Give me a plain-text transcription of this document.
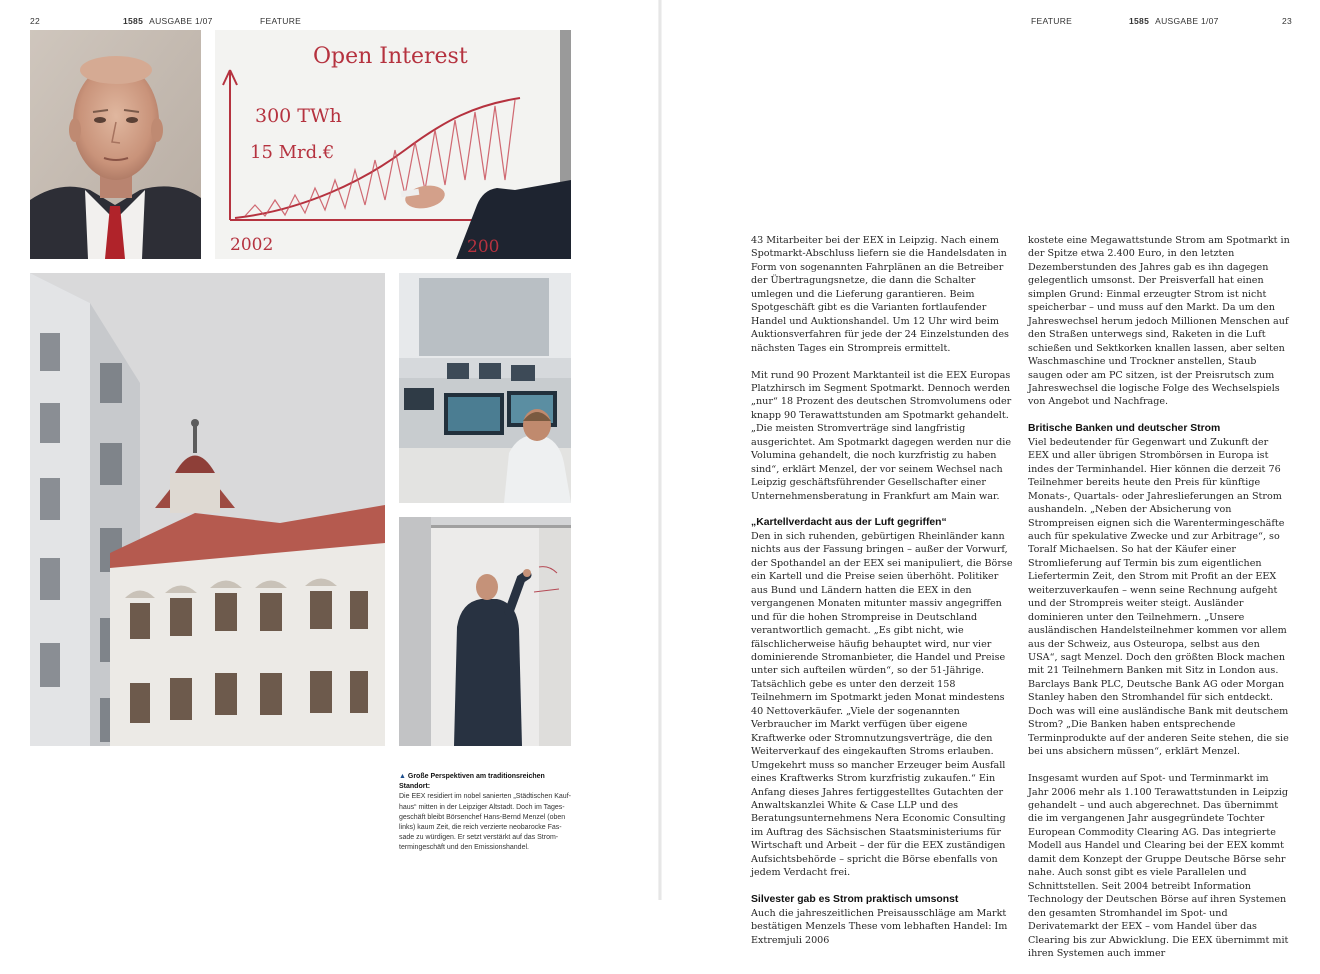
22	1585 AUSGABE 1/07	FEATURE	FEATURE	1585 AUSGABE 1/07	23
Open Interest
300 TWh
15 Mrd.€
2002	200
▲ Große Perspektiven am traditionsreichen Standort:
Die EEX residiert im nobel sanierten „Städtischen Kauf-
haus“ mitten in der Leipziger Altstadt. Doch im Tages-
geschäft bleibt Börsenchef Hans-Bernd Menzel (oben
links) kaum Zeit, die reich verzierte neobarocke Fas-
sade zu würdigen. Er setzt verstärkt auf das Strom-
termingeschäft und den Emissionshandel.

43 Mitarbeiter bei der EEX in Leipzig. Nach einem Spotmarkt-Abschluss liefern sie die Handelsdaten in Form von sogenannten Fahrplänen an die Betreiber der Übertragungsnetze, die dann die Schalter umlegen und die Lieferung garantieren. Beim Spotgeschäft gibt es die Varianten fortlaufender Handel und Auktionshandel. Um 12 Uhr wird beim Auktionsverfahren für jede der 24 Einzelstunden des nächsten Tages ein Strompreis ermittelt.

Mit rund 90 Prozent Marktanteil ist die EEX Europas Platzhirsch im Segment Spotmarkt. Dennoch werden „nur“ 18 Prozent des deutschen Stromvolumens oder knapp 90 Terawattstunden am Spotmarkt gehandelt. „Die meisten Stromverträge sind langfristig ausgerichtet. Am Spotmarkt dagegen werden nur die Volumina gehandelt, die noch kurzfristig zu haben sind“, erklärt Menzel, der vor seinem Wechsel nach Leipzig geschäftsführender Gesellschafter einer Unternehmensberatung in Frankfurt am Main war.

„Kartellverdacht aus der Luft gegriffen“

Den in sich ruhenden, gebürtigen Rheinländer kann nichts aus der Fassung bringen – außer der Vorwurf, der Spothandel an der EEX sei manipuliert, die Börse ein Kartell und die Preise seien überhöht. Politiker aus Bund und Ländern hatten die EEX in den vergangenen Monaten mitunter massiv angegriffen und für die hohen Strompreise in Deutschland verantwortlich gemacht. „Es gibt nicht, wie fälschlicherweise häufig behauptet wird, nur vier dominierende Stromanbieter, die Handel und Preise unter sich aufteilen würden“, so der 51-Jährige. Tatsächlich gebe es unter den derzeit 158 Teilnehmern im Spotmarkt jeden Monat mindestens 40 Nettoverkäufer. „Viele der sogenannten Verbraucher im Markt verfügen über eigene Kraftwerke oder Stromnutzungsverträge, die den Weiterverkauf des eingekauften Stroms erlauben. Umgekehrt muss so mancher Erzeuger beim Ausfall eines Kraftwerks Strom kurzfristig zukaufen.“ Ein Anfang dieses Jahres fertiggestelltes Gutachten der Anwaltskanzlei White & Case LLP und des Beratungsunternehmens Nera Economic Consulting im Auftrag des Sächsischen Staatsministeriums für Wirtschaft und Arbeit – der für die EEX zuständigen Aufsichtsbehörde – spricht die Börse ebenfalls von jedem Verdacht frei.

Silvester gab es Strom praktisch umsonst

Auch die jahreszeitlichen Preisausschläge am Markt bestätigen Menzels These vom lebhaften Handel: Im Extremjuli 2006

kostete eine Megawattstunde Strom am Spotmarkt in der Spitze etwa 2.400 Euro, in den letzten Dezemberstunden des Jahres gab es ihn dagegen gelegentlich umsonst. Der Preisverfall hat einen simplen Grund: Einmal erzeugter Strom ist nicht speicherbar – und muss auf den Markt. Da um den Jahreswechsel herum jedoch Millionen Menschen auf den Straßen unterwegs sind, Raketen in die Luft schießen und Sektkorken knallen lassen, aber selten Waschmaschine und Trockner anstellen, Staub saugen oder am PC sitzen, ist der Preisrutsch zum Jahreswechsel die logische Folge des Wechselspiels von Angebot und Nachfrage.

Britische Banken und deutscher Strom

Viel bedeutender für Gegenwart und Zukunft der EEX und aller übrigen Strombörsen in Europa ist indes der Terminhandel. Hier können die derzeit 76 Teilnehmer bereits heute den Preis für künftige Monats-, Quartals- oder Jahreslieferungen an Strom aushandeln. „Neben der Absicherung von Strompreisen eignen sich die Warentermingeschäfte auch für spekulative Zwecke und zur Arbitrage“, so Toralf Michaelsen. So hat der Käufer einer Stromlieferung auf Termin bis zum eigentlichen Liefertermin Zeit, den Strom mit Profit an der EEX weiterzuverkaufen – wenn seine Rechnung aufgeht und der Strompreis weiter steigt. Ausländer dominieren unter den Teilnehmern. „Unsere ausländischen Handelsteilnehmer kommen vor allem aus der Schweiz, aus Osteuropa, selbst aus den USA“, sagt Menzel. Doch den größten Block machen mit 21 Teilnehmern Banken mit Sitz in London aus. Barclays Bank PLC, Deutsche Bank AG oder Morgan Stanley haben den Stromhandel für sich entdeckt. Doch was will eine ausländische Bank mit deutschem Strom? „Die Banken haben entsprechende Terminprodukte auf der anderen Seite stehen, die sie bei uns absichern müssen“, erklärt Menzel.

Insgesamt wurden auf Spot- und Terminmarkt im Jahr 2006 mehr als 1.100 Terawattstunden in Leipzig gehandelt – und auch abgerechnet. Das übernimmt die im vergangenen Jahr ausgegründete Tochter European Commodity Clearing AG. Das integrierte Modell aus Handel und Clearing bei der EEX kommt damit dem Konzept der Gruppe Deutsche Börse sehr nahe. Auch sonst gibt es viele Parallelen und Schnittstellen. Seit 2004 betreibt Information Technology der Deutschen Börse auf ihren Systemen den gesamten Stromhandel im Spot- und Derivatemarkt der EEX – vom Handel über das Clearing bis zur Abwicklung. Die EEX übernimmt mit ihren Systemen auch immer
